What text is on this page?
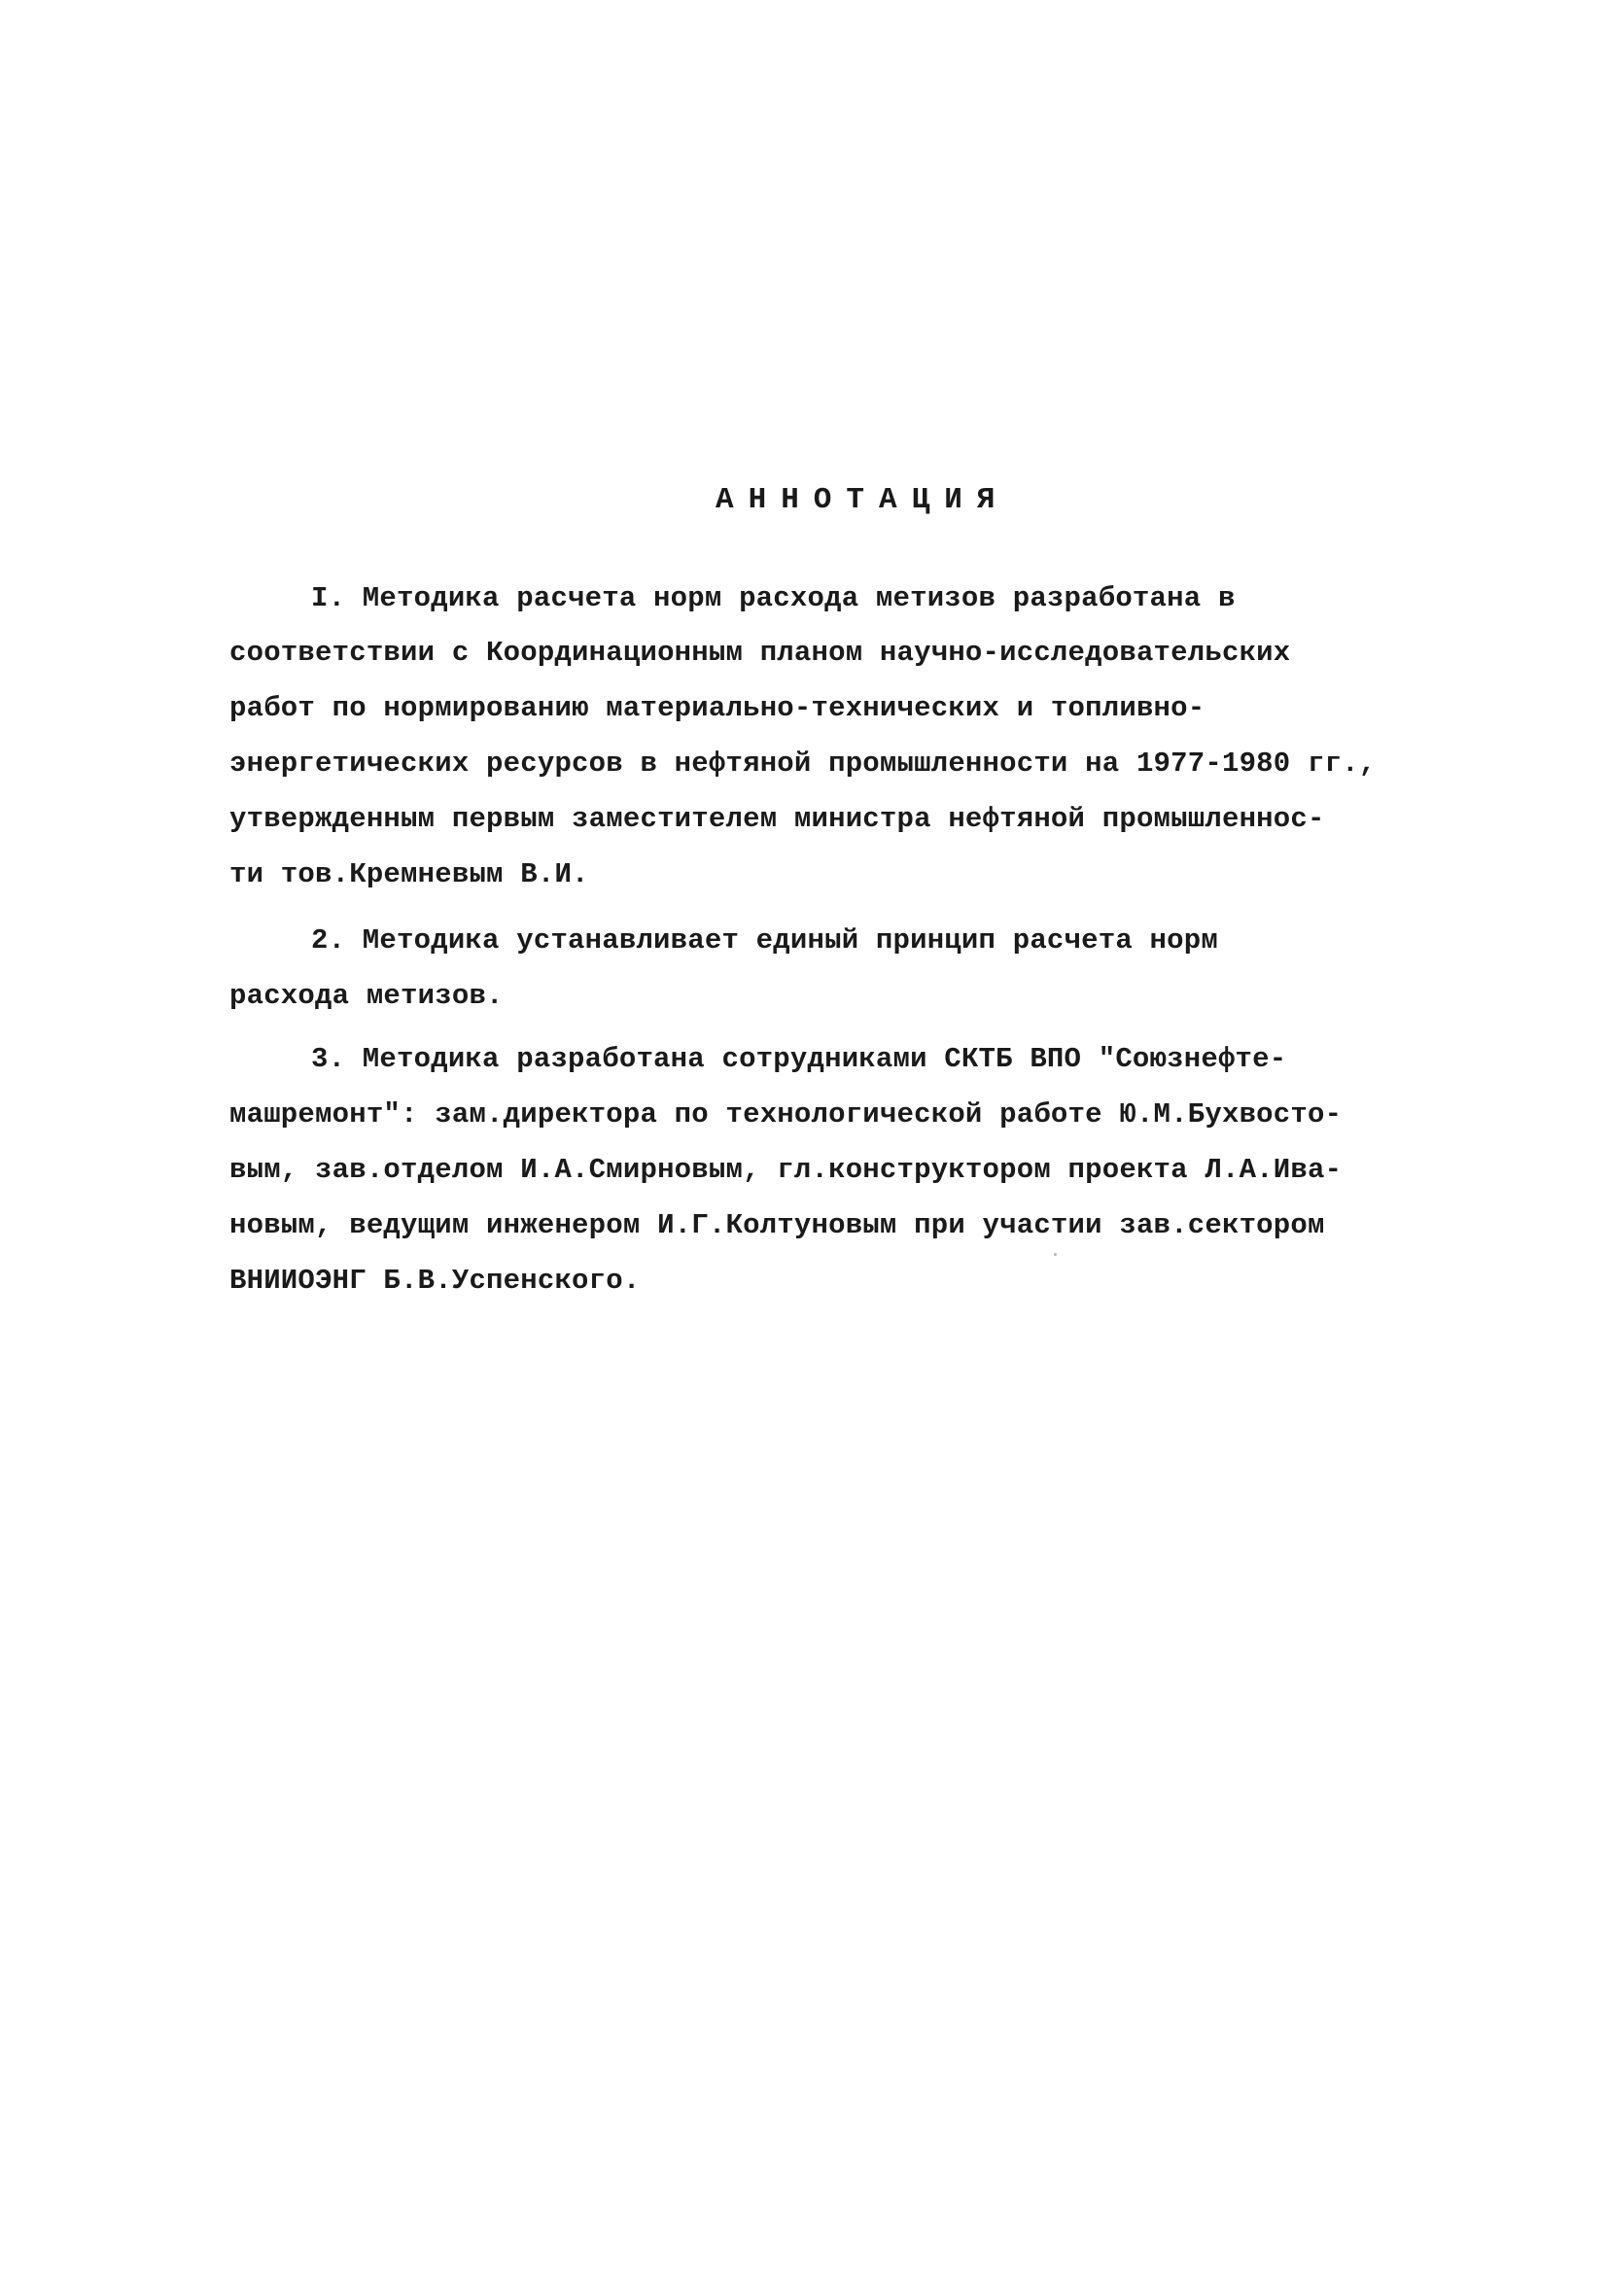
АННОТАЦИЯ
I. Методика расчета норм расхода метизов разработана в
соответствии с Координационным планом научно-исследовательских
работ по нормированию материально-технических и топливно-
энергетических ресурсов в нефтяной промышленности на 1977-1980 гг.,
утвержденным первым заместителем министра нефтяной промышленнос-
ти тов.Кремневым В.И.
2. Методика устанавливает единый принцип расчета норм
расхода метизов.
3. Методика разработана сотрудниками СКТБ ВПО "Союзнефте-
машремонт": зам.директора по технологической работе Ю.М.Бухвосто-
вым, зав.отделом И.А.Смирновым, гл.конструктором проекта Л.А.Ива-
новым, ведущим инженером И.Г.Колтуновым при участии зав.сектором
ВНИИОЭНГ Б.В.Успенского.
